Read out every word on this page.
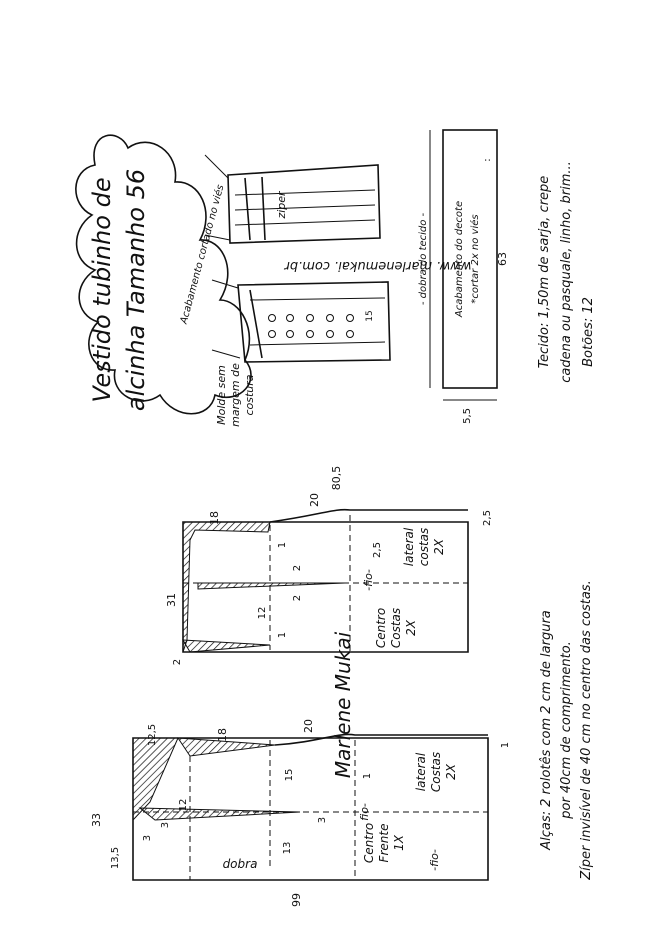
Vestido tubinho de alcinha Tamanho 56	www. marlenemukai. com.br
ziper
15
Acabamento cortado no viés
Molde sem margem de costura
- dobra do tecido -	Acabamento do decote *cortar 2x no viés
:
5,5
63 Tecido: 1,50m de sarja, crepe cadena ou pasquale, linho, brim... Botões: 12
Centro Costas 2X
lateral costas 2X
-fio-
31
18
20
80,5
2,5
2,5
12
2
2
1
1
2	Marlene Mukai
Centro Frente 1X
lateral Costas 2X
fio-
dobra	-fio-
33
13,5
12,5	18
20
15
12
13
3
3
3
1
1
99
Alças: 2 rolotês com 2 cm de largura por 40cm de comprimento. Zíper invisível de 40 cm no centro das costas.
